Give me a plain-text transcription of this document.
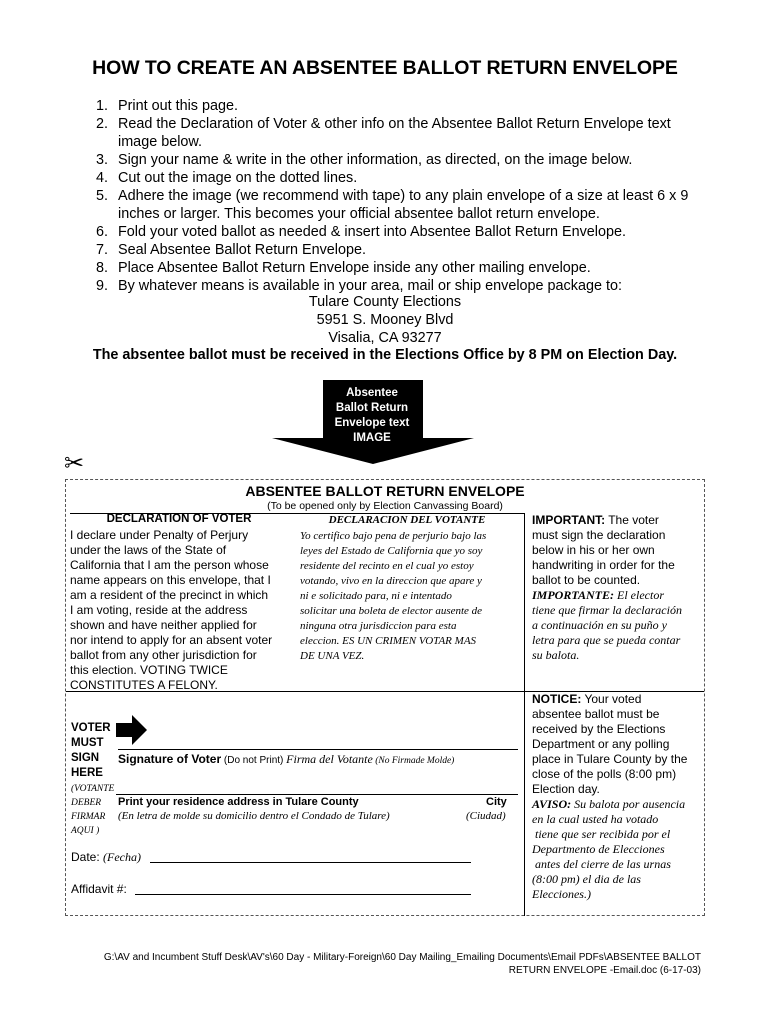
HOW TO CREATE AN ABSENTEE BALLOT RETURN ENVELOPE
1. Print out this page.
2. Read the Declaration of Voter & other info on the Absentee Ballot Return Envelope text image below.
3. Sign your name & write in the other information, as directed, on the image below.
4. Cut out the image on the dotted lines.
5. Adhere the image (we recommend with tape) to any plain envelope of a size at least 6 x 9 inches or larger. This becomes your official absentee ballot return envelope.
6. Fold your voted ballot as needed & insert into Absentee Ballot Return Envelope.
7. Seal Absentee Ballot Return Envelope.
8. Place Absentee Ballot Return Envelope inside any other mailing envelope.
9. By whatever means is available in your area, mail or ship envelope package to:
Tulare County Elections
5951 S. Mooney Blvd
Visalia, CA 93277
The absentee ballot must be received in the Elections Office by 8 PM on Election Day.
Absentee
Ballot Return
Envelope text
IMAGE
✂
ABSENTEE BALLOT RETURN ENVELOPE
(To be opened only by Election Canvassing Board)
DECLARATION OF VOTER
I declare under Penalty of Perjury
under the laws of the State of
California that I am the person whose
name appears on this envelope, that I
am a resident of the precinct in which
I am voting, reside at the address
shown and have neither applied for
nor intend to apply for an absent voter
ballot from any other jurisdiction for
this election. VOTING TWICE
CONSTITUTES A FELONY.
DECLARACION DEL VOTANTE
Yo certifico bajo pena de perjurio bajo las
leyes del Estado de California que yo soy
residente del recinto en el cual yo estoy
votando, vivo en la direccion que apare y
ni e solicitado para, ni e intentado
solicitar una boleta de elector ausente de
ninguna otra jurisdiccion para esta
eleccion. ES UN CRIMEN VOTAR MAS
DE UNA VEZ.
IMPORTANT: The voter
must sign the declaration
below in his or her own
handwriting in order for the
ballot to be counted.
IMPORTANTE: El elector
tiene que firmar la declaración
a continuación en su puño y
letra para que se pueda contar
su balota.
NOTICE: Your voted
absentee ballot must be
received by the Elections
Department or any polling
place in Tulare County by the
close of the polls (8:00 pm)
Election day.
AVISO: Su balota por ausencia
en la cual usted ha votado
tiene que ser recibida por el
Departmento de Elecciones
antes del cierre de las urnas
(8:00 pm) el dia de las
Elecciones.)
VOTER
MUST
SIGN
HERE
Signature of Voter (Do not Print) Firma del Votante (No Firmade Molde)
(VOTANTE
DEBER
FIRMAR
AQUI )
Print your residence address in Tulare County	City
(En letra de molde su domicilio dentro el Condado de Tulare)	(Ciudad)
Date: (Fecha)
Affidavit #:
G:\AV and Incumbent Stuff Desk\AV's\60 Day - Military-Foreign\60 Day Mailing_Emailing Documents\Email PDFs\ABSENTEE BALLOT
RETURN ENVELOPE -Email.doc (6-17-03)
